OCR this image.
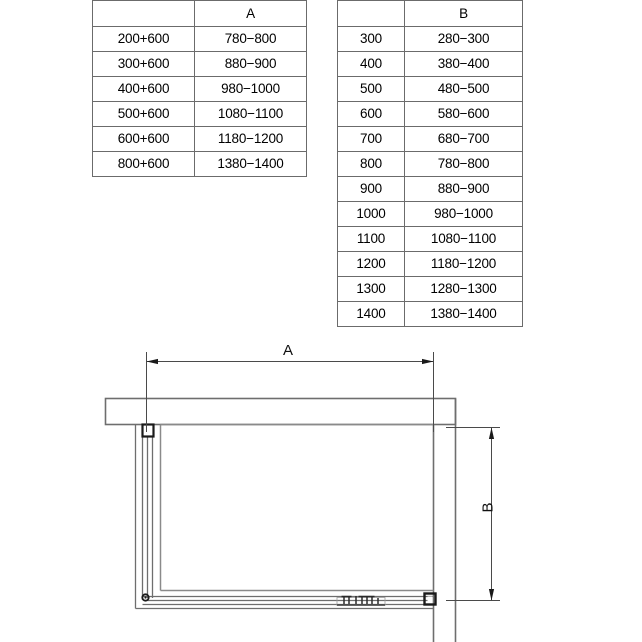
	A
200+600	780−800
300+600	880−900
400+600	980−1000
500+600	1080−1100
600+600	1180−1200
800+600	1380−1400
	B
300	280−300
400	380−400
500	480−500
600	580−600
700	680−700
800	780−800
900	880−900
1000	980−1000
1100	1080−1100
1200	1180−1200
1300	1280−1300
1400	1380−1400
A
B
